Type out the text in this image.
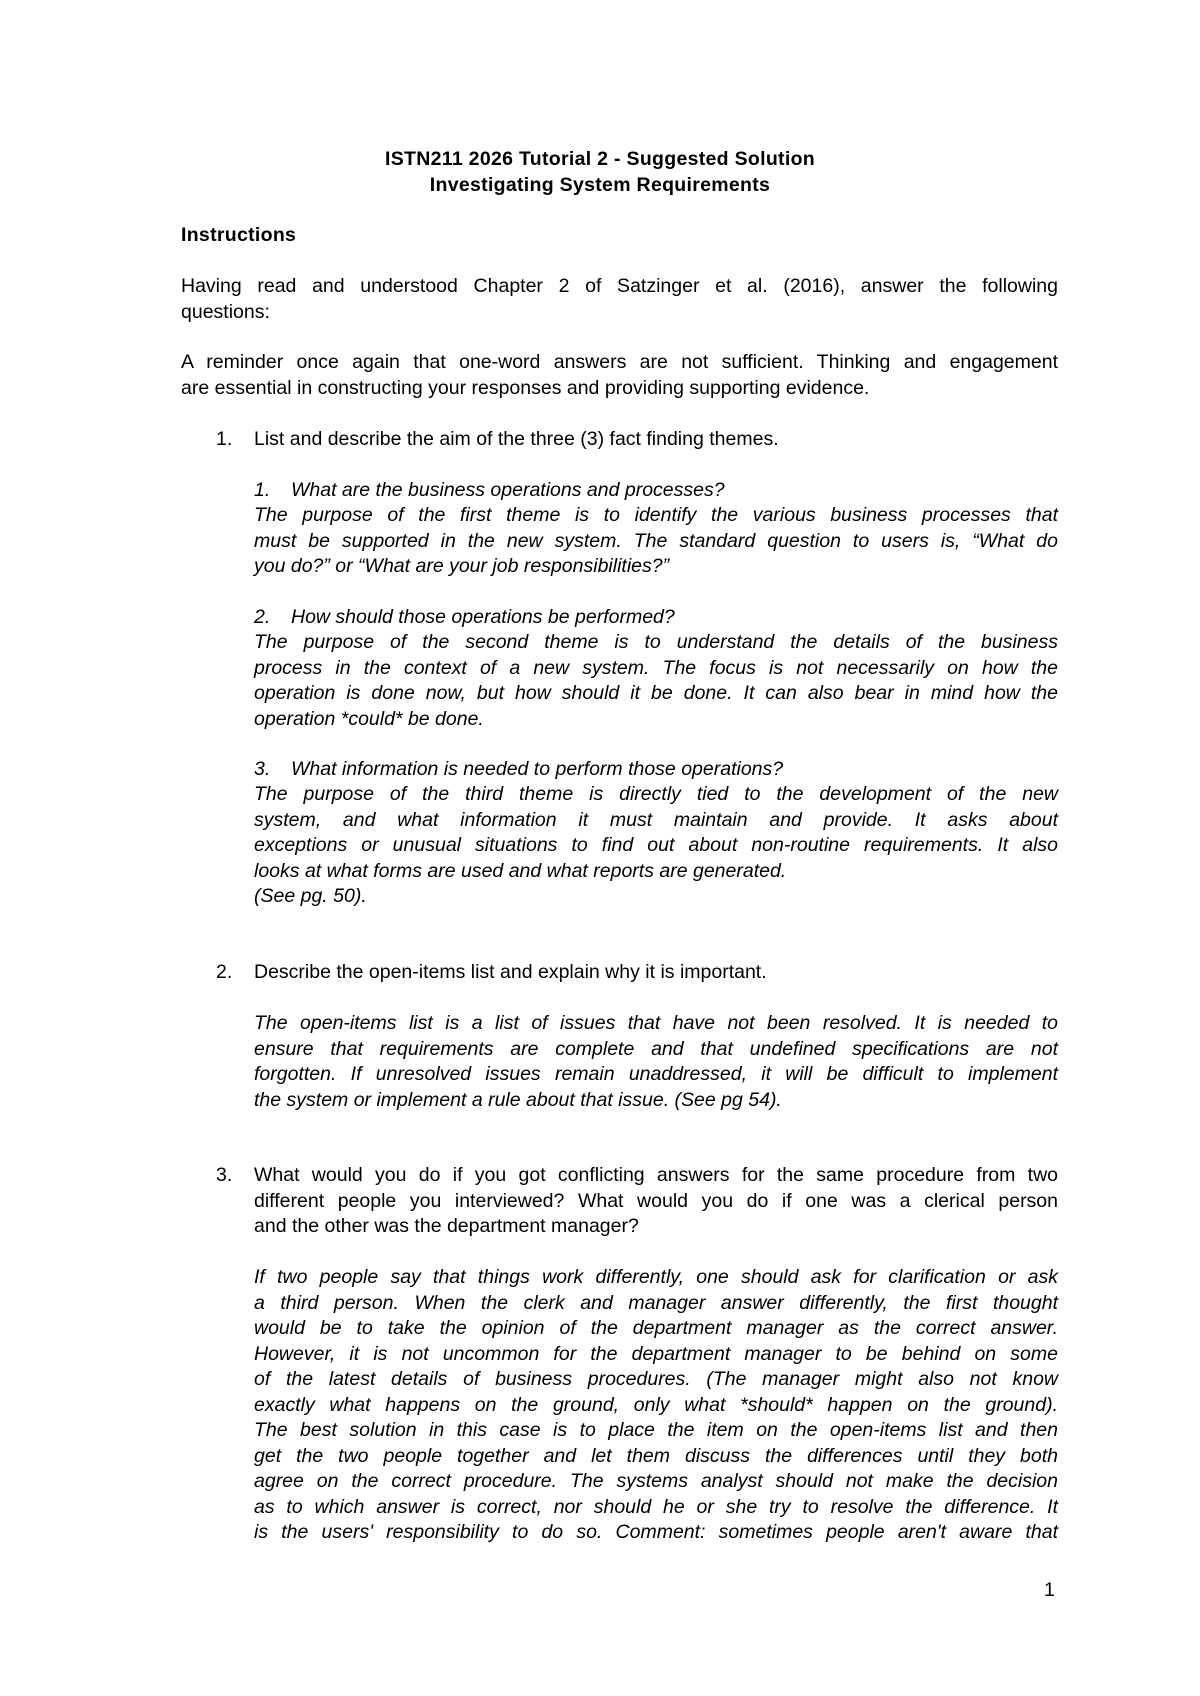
ISTN211 2026 Tutorial 2 - Suggested Solution
Investigating System Requirements
Instructions
Having read and understood Chapter 2 of Satzinger et al. (2016), answer the following
questions:
A reminder once again that one-word answers are not sufficient. Thinking and engagement
are essential in constructing your responses and providing supporting evidence.
1.	List and describe the aim of the three (3) fact finding themes.
1. What are the business operations and processes?
The purpose of the first theme is to identify the various business processes that
must be supported in the new system. The standard question to users is, “What do
you do?” or “What are your job responsibilities?”
2. How should those operations be performed?
The purpose of the second theme is to understand the details of the business
process in the context of a new system. The focus is not necessarily on how the
operation is done now, but how should it be done. It can also bear in mind how the
operation *could* be done.
3. What information is needed to perform those operations?
The purpose of the third theme is directly tied to the development of the new
system, and what information it must maintain and provide. It asks about
exceptions or unusual situations to find out about non-routine requirements. It also
looks at what forms are used and what reports are generated.
(See pg. 50).
2.	Describe the open-items list and explain why it is important.
The open-items list is a list of issues that have not been resolved. It is needed to
ensure that requirements are complete and that undefined specifications are not
forgotten. If unresolved issues remain unaddressed, it will be difficult to implement
the system or implement a rule about that issue. (See pg 54).
3.	What would you do if you got conflicting answers for the same procedure from two
different people you interviewed? What would you do if one was a clerical person
and the other was the department manager?
If two people say that things work differently, one should ask for clarification or ask
a third person. When the clerk and manager answer differently, the first thought
would be to take the opinion of the department manager as the correct answer.
However, it is not uncommon for the department manager to be behind on some
of the latest details of business procedures. (The manager might also not know
exactly what happens on the ground, only what *should* happen on the ground).
The best solution in this case is to place the item on the open-items list and then
get the two people together and let them discuss the differences until they both
agree on the correct procedure. The systems analyst should not make the decision
as to which answer is correct, nor should he or she try to resolve the difference. It
is the users' responsibility to do so. Comment: sometimes people aren't aware that
1
